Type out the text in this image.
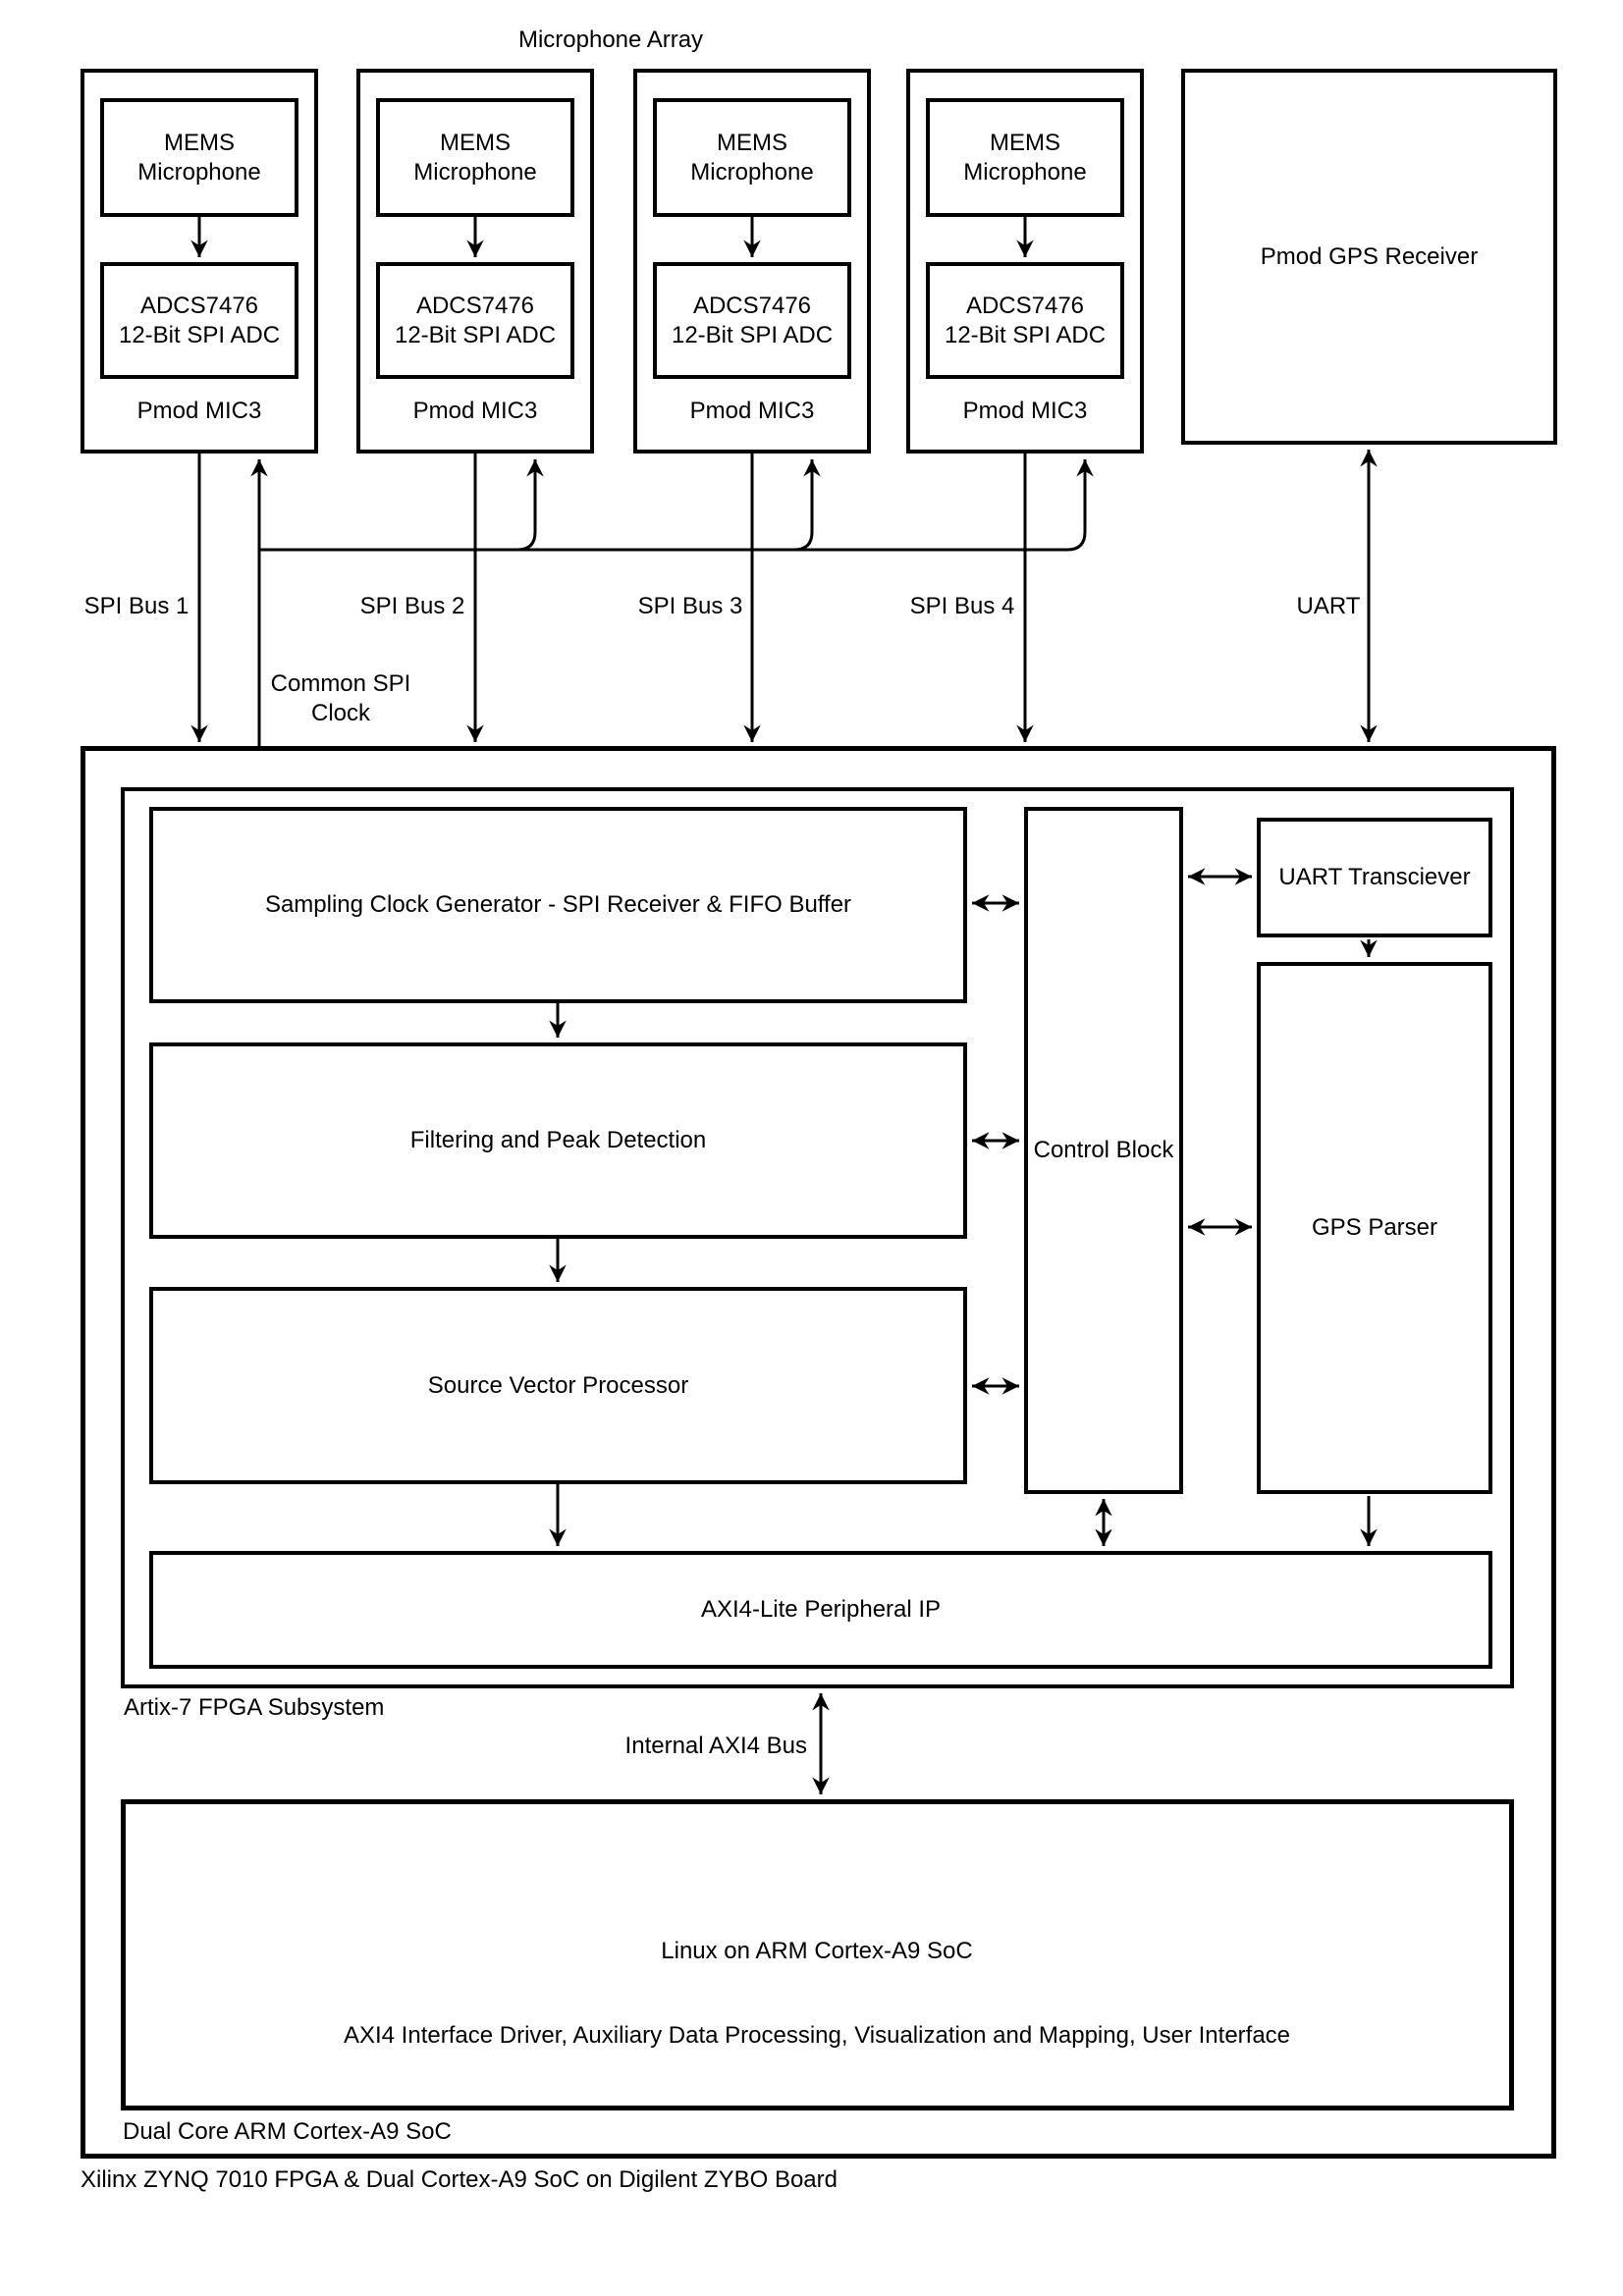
Microphone Array
MEMS
Microphone
ADCS7476
12-Bit SPI ADC
Pmod MIC3
MEMS
Microphone
ADCS7476
12-Bit SPI ADC
Pmod MIC3
MEMS
Microphone
ADCS7476
12-Bit SPI ADC
Pmod MIC3
MEMS
Microphone
ADCS7476
12-Bit SPI ADC
Pmod MIC3
Pmod GPS Receiver
SPI Bus 1	SPI Bus 2	SPI Bus 3	SPI Bus 4	UART
Common SPI
Clock
Sampling Clock Generator - SPI Receiver & FIFO Buffer
Filtering and Peak Detection
Source Vector Processor
Control Block
UART Transciever
GPS Parser
AXI4-Lite Peripheral IP
Artix-7 FPGA Subsystem
Internal AXI4 Bus
Linux on ARM Cortex-A9 SoC
AXI4 Interface Driver, Auxiliary Data Processing, Visualization and Mapping, User Interface
Dual Core ARM Cortex-A9 SoC
Xilinx ZYNQ 7010 FPGA & Dual Cortex-A9 SoC on Digilent ZYBO Board
